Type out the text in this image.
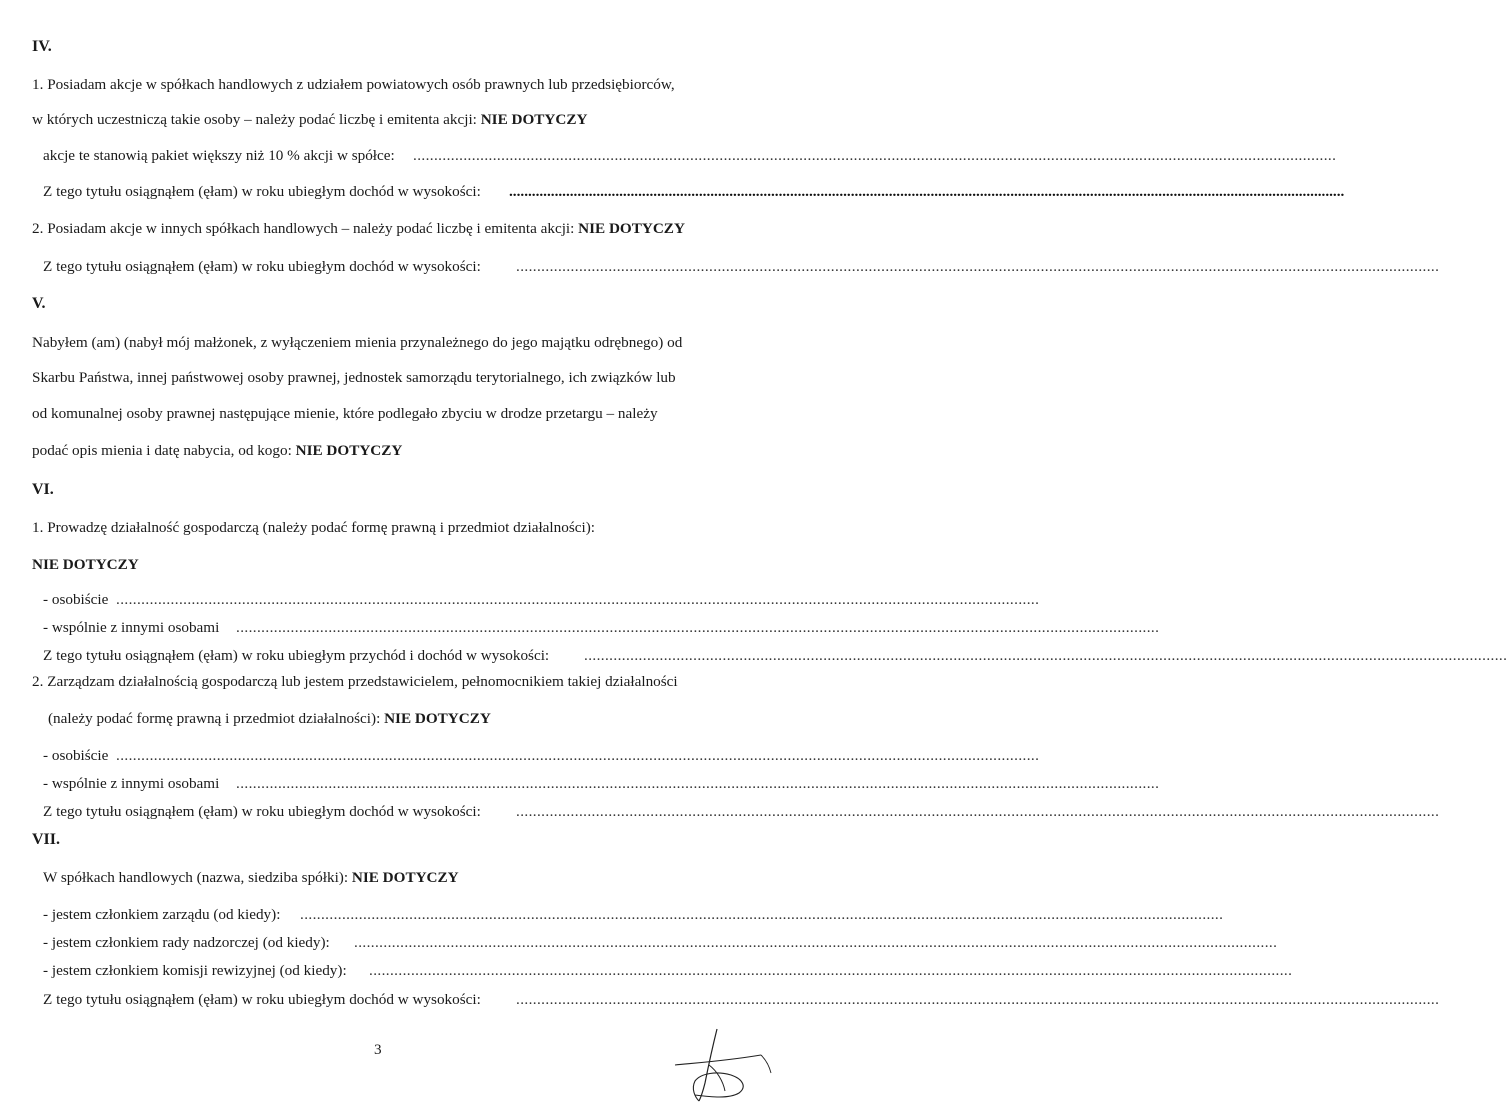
IV.
1. Posiadam akcje w spółkach handlowych z udziałem powiatowych osób prawnych lub przedsiębiorców,
w których uczestniczą takie osoby – należy podać liczbę i emitenta akcji: NIE DOTYCZY
akcje te stanowią pakiet większy niż 10 % akcji w spółce: ............................................................................................................................................................................................................................
Z tego tytułu osiągnąłem (ęłam) w roku ubiegłym dochód w wysokości: ............................................................................................................................................................................................................................
2. Posiadam akcje w innych spółkach handlowych – należy podać liczbę i emitenta akcji: NIE DOTYCZY
Z tego tytułu osiągnąłem (ęłam) w roku ubiegłym dochód w wysokości: ............................................................................................................................................................................................................................
V.
Nabyłem (am) (nabył mój małżonek, z wyłączeniem mienia przynależnego do jego majątku odrębnego) od
Skarbu Państwa, innej państwowej osoby prawnej, jednostek samorządu terytorialnego, ich związków lub
od komunalnej osoby prawnej następujące mienie, które podlegało zbyciu w drodze przetargu – należy
podać opis mienia i datę nabycia, od kogo: NIE DOTYCZY
VI.
1. Prowadzę działalność gospodarczą (należy podać formę prawną i przedmiot działalności):
NIE DOTYCZY
- osobiście ............................................................................................................................................................................................................................
- wspólnie z innymi osobami ............................................................................................................................................................................................................................
Z tego tytułu osiągnąłem (ęłam) w roku ubiegłym przychód i dochód w wysokości: ............................................................................................................................................................................................................................
2. Zarządzam działalnością gospodarczą lub jestem przedstawicielem, pełnomocnikiem takiej działalności
(należy podać formę prawną i przedmiot działalności): NIE DOTYCZY
- osobiście ............................................................................................................................................................................................................................
- wspólnie z innymi osobami ............................................................................................................................................................................................................................
Z tego tytułu osiągnąłem (ęłam) w roku ubiegłym dochód w wysokości: ............................................................................................................................................................................................................................
VII.
W spółkach handlowych (nazwa, siedziba spółki): NIE DOTYCZY
- jestem członkiem zarządu (od kiedy): ............................................................................................................................................................................................................................
- jestem członkiem rady nadzorczej (od kiedy): ............................................................................................................................................................................................................................
- jestem członkiem komisji rewizyjnej (od kiedy): ............................................................................................................................................................................................................................
Z tego tytułu osiągnąłem (ęłam) w roku ubiegłym dochód w wysokości: ............................................................................................................................................................................................................................
3
